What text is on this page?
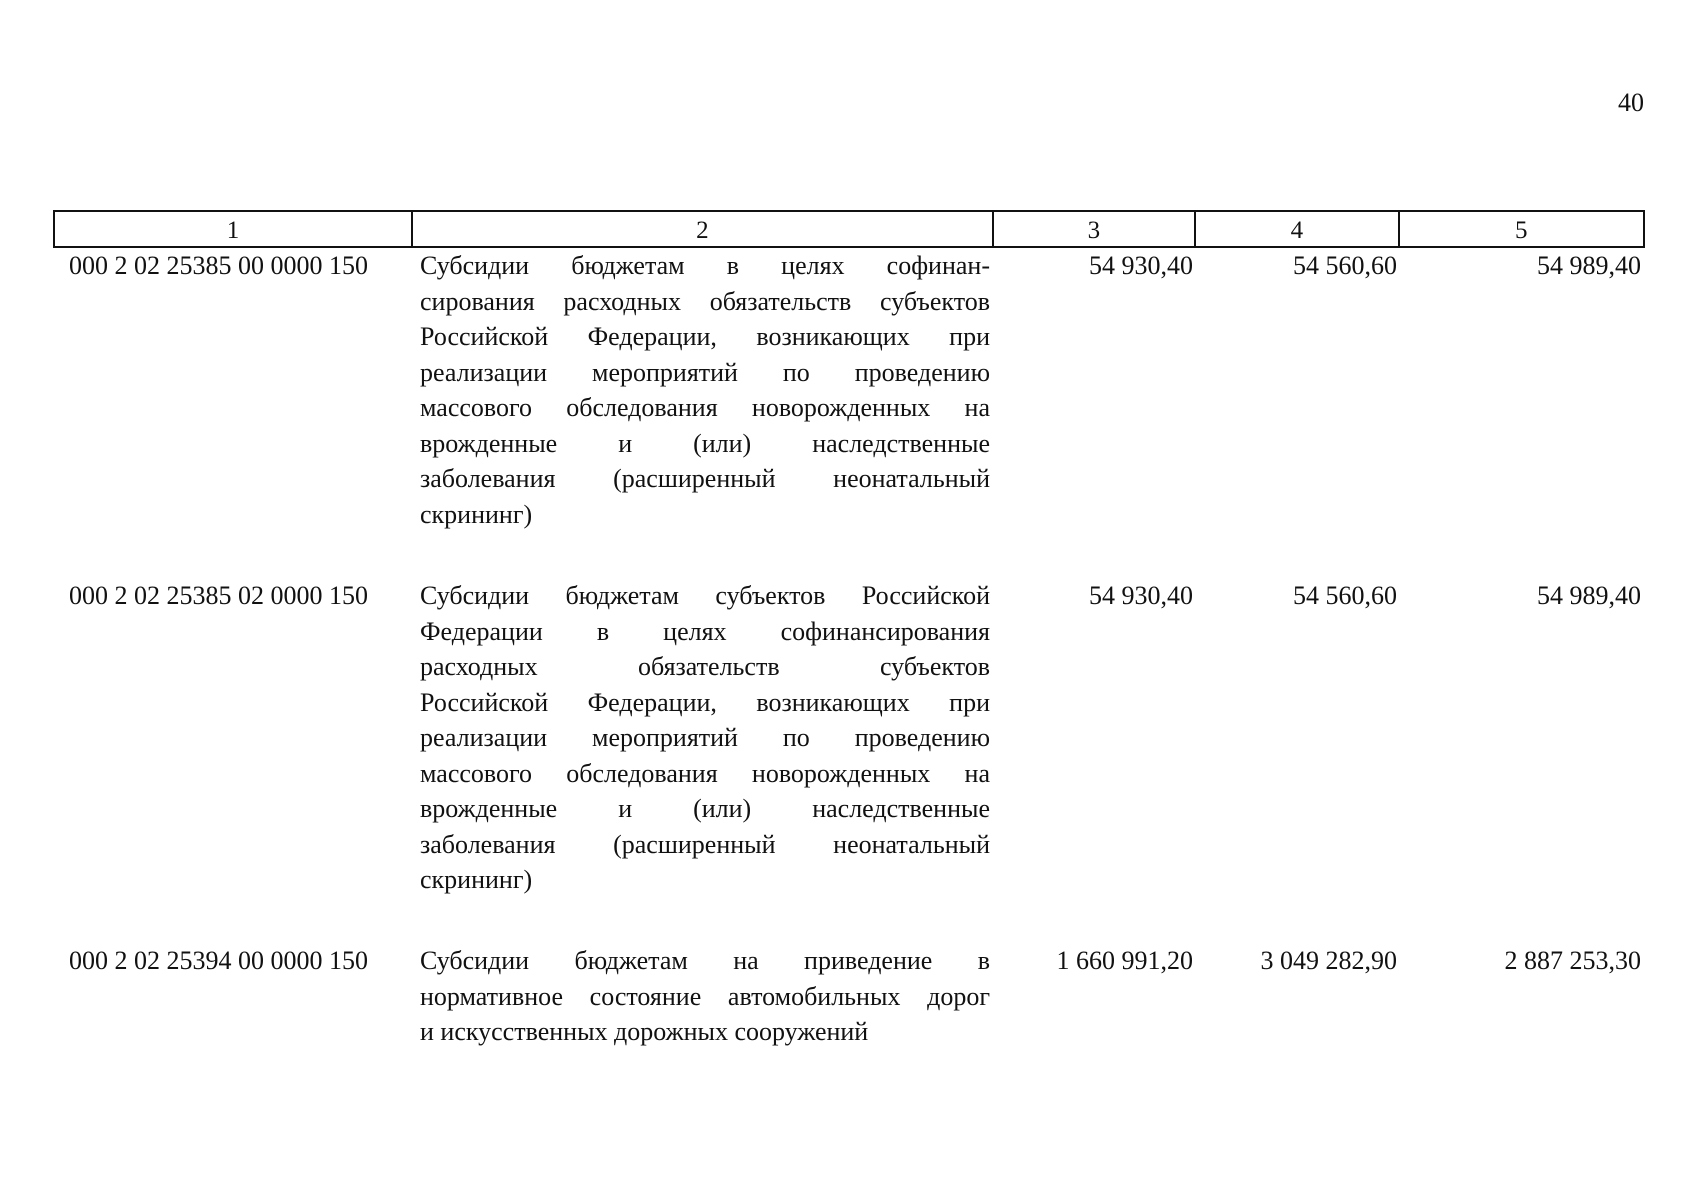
40
1	2	3	4	5
000 2 02 25385 00 0000 150	Субсидии бюджетам в целях софинан-
сирования расходных обязательств субъектов
Российской Федерации, возникающих при
реализации мероприятий по проведению
массового обследования новорожденных на
врожденные и (или) наследственные
заболевания (расширенный неонатальный
скрининг)
54 930,40	54 560,60	54 989,40
000 2 02 25385 02 0000 150	Субсидии бюджетам субъектов Российской
Федерации в целях софинансирования
расходных обязательств субъектов
Российской Федерации, возникающих при
реализации мероприятий по проведению
массового обследования новорожденных на
врожденные и (или) наследственные
заболевания (расширенный неонатальный
скрининг)
54 930,40	54 560,60	54 989,40
000 2 02 25394 00 0000 150	Субсидии бюджетам на приведение в
нормативное состояние автомобильных дорог
и искусственных дорожных сооружений
1 660 991,20	3 049 282,90	2 887 253,30
